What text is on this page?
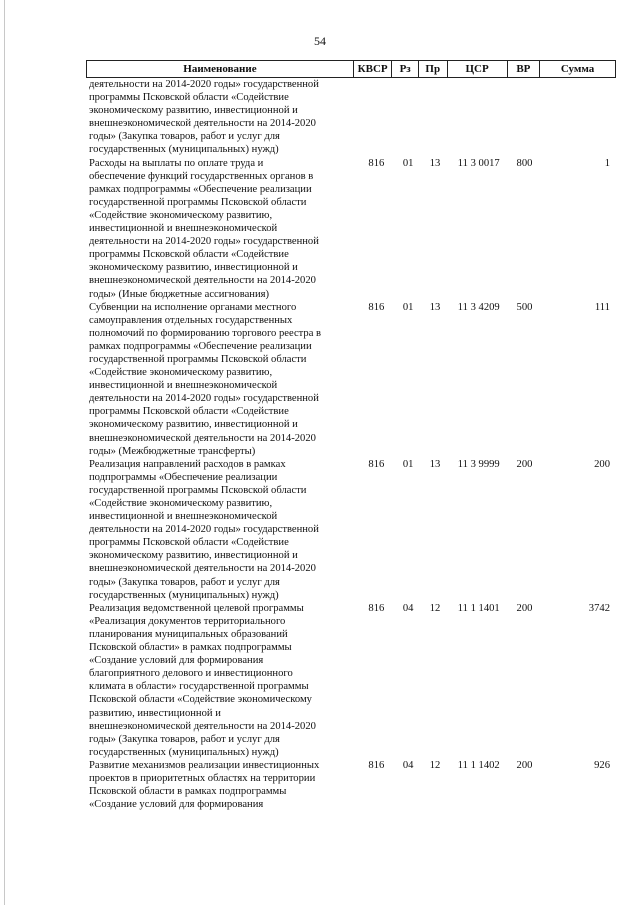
54
Наименование	КВСР	Рз	Пр	ЦСР	ВР	Сумма
деятельности на 2014-2020 годы» государственной
программы Псковской области «Содействие
экономическому развитию, инвестиционной и
внешнеэкономической деятельности на 2014-2020
годы» (Закупка товаров, работ и услуг для
государственных (муниципальных) нужд)
Расходы на выплаты по оплате труда и
обеспечение функций государственных органов в
рамках подпрограммы «Обеспечение реализации
государственной программы Псковской области
«Содействие экономическому развитию,
инвестиционной и внешнеэкономической
деятельности на 2014-2020 годы» государственной
программы Псковской области «Содействие
экономическому развитию, инвестиционной и
внешнеэкономической деятельности на 2014-2020
годы» (Иные бюджетные ассигнования)
816	01	13	11 3 0017	800	1
Субвенции на исполнение органами местного
самоуправления отдельных государственных
полномочий по формированию торгового реестра в
рамках подпрограммы «Обеспечение реализации
государственной программы Псковской области
«Содействие экономическому развитию,
инвестиционной и внешнеэкономической
деятельности на 2014-2020 годы» государственной
программы Псковской области «Содействие
экономическому развитию, инвестиционной и
внешнеэкономической деятельности на 2014-2020
годы» (Межбюджетные трансферты)
816	01	13	11 3 4209	500	111
Реализация направлений расходов в рамках
подпрограммы «Обеспечение реализации
государственной программы Псковской области
«Содействие экономическому развитию,
инвестиционной и внешнеэкономической
деятельности на 2014-2020 годы» государственной
программы Псковской области «Содействие
экономическому развитию, инвестиционной и
внешнеэкономической деятельности на 2014-2020
годы» (Закупка товаров, работ и услуг для
государственных (муниципальных) нужд)
816	01	13	11 3 9999	200	200
Реализация ведомственной целевой программы
«Реализация документов территориального
планирования муниципальных образований
Псковской области» в рамках подпрограммы
«Создание условий для формирования
благоприятного делового и инвестиционного
климата в области» государственной программы
Псковской области «Содействие экономическому
развитию, инвестиционной и
внешнеэкономической деятельности на 2014-2020
годы» (Закупка товаров, работ и услуг для
государственных (муниципальных) нужд)
816	04	12	11 1 1401	200	3742
Развитие механизмов реализации инвестиционных
проектов в приоритетных областях на территории
Псковской области в рамках подпрограммы
«Создание условий для формирования
816	04	12	11 1 1402	200	926
